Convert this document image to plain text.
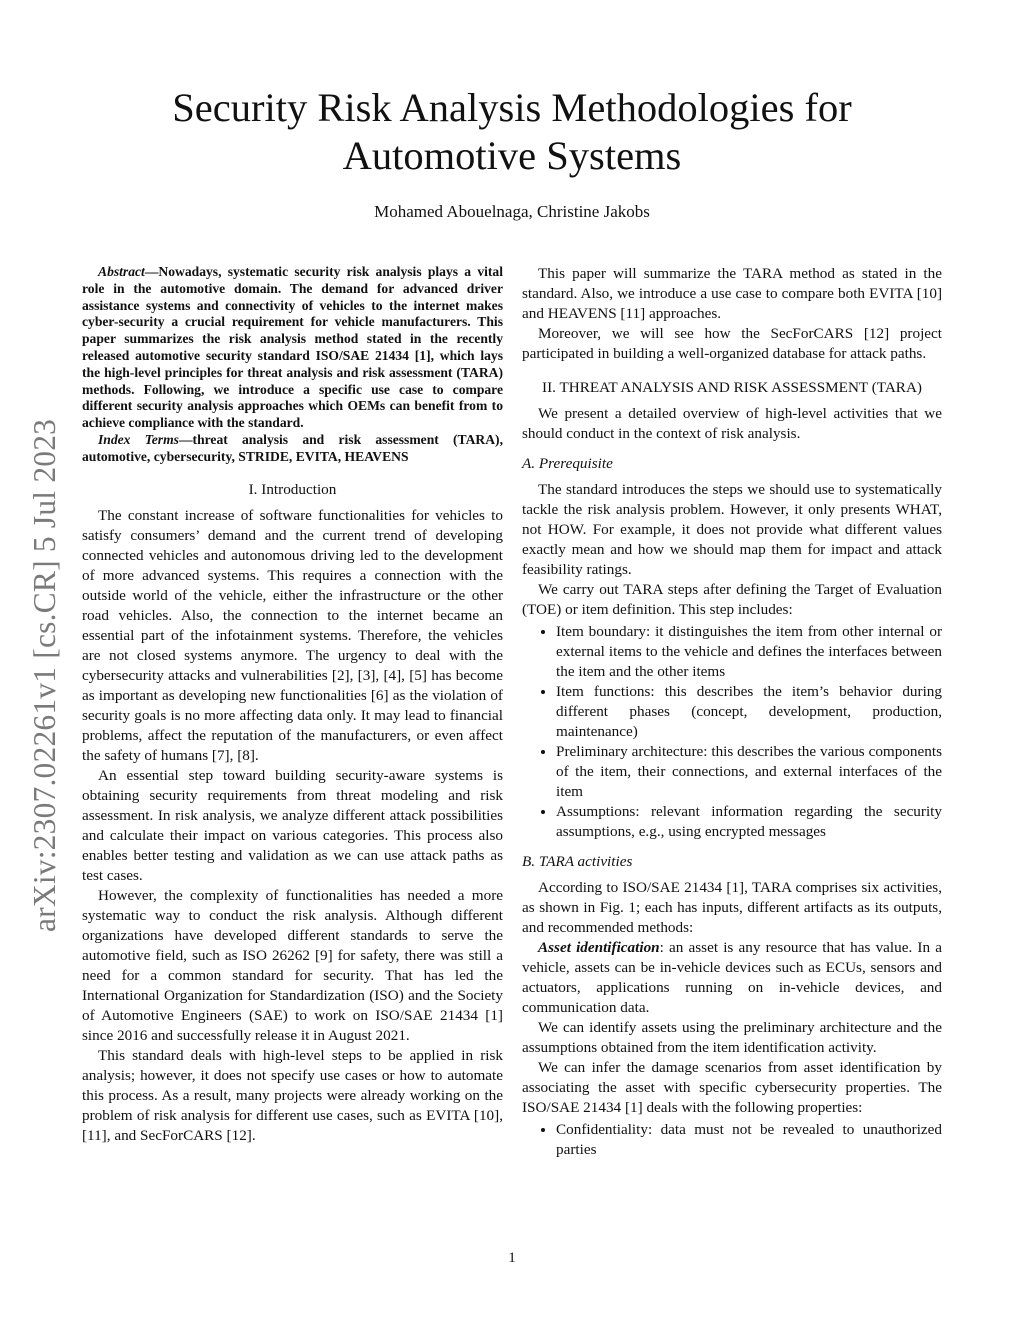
arXiv:2307.02261v1 [cs.CR] 5 Jul 2023
Security Risk Analysis Methodologies for Automotive Systems
Mohamed Abouelnaga, Christine Jakobs

Abstract—Nowadays, systematic security risk analysis plays a vital role in the automotive domain. The demand for advanced driver assistance systems and connectivity of vehicles to the internet makes cyber-security a crucial requirement for vehicle manufacturers. This paper summarizes the risk analysis method stated in the recently released automotive security standard ISO/SAE 21434 [1], which lays the high-level principles for threat analysis and risk assessment (TARA) methods. Following, we introduce a specific use case to compare different security analysis approaches which OEMs can benefit from to achieve compliance with the standard.

Index Terms—threat analysis and risk assessment (TARA), automotive, cybersecurity, STRIDE, EVITA, HEAVENS

I. Introduction

The constant increase of software functionalities for vehicles to satisfy consumers’ demand and the current trend of developing connected vehicles and autonomous driving led to the development of more advanced systems. This requires a connection with the outside world of the vehicle, either the infrastructure or the other road vehicles. Also, the connection to the internet became an essential part of the infotainment systems. Therefore, the vehicles are not closed systems anymore. The urgency to deal with the cybersecurity attacks and vulnerabilities [2], [3], [4], [5] has become as important as developing new functionalities [6] as the violation of security goals is no more affecting data only. It may lead to financial problems, affect the reputation of the manufacturers, or even affect the safety of humans [7], [8].

An essential step toward building security-aware systems is obtaining security requirements from threat modeling and risk assessment. In risk analysis, we analyze different attack possibilities and calculate their impact on various categories. This process also enables better testing and validation as we can use attack paths as test cases.

However, the complexity of functionalities has needed a more systematic way to conduct the risk analysis. Although different organizations have developed different standards to serve the automotive field, such as ISO 26262 [9] for safety, there was still a need for a common standard for security. That has led the International Organization for Standardization (ISO) and the Society of Automotive Engineers (SAE) to work on ISO/SAE 21434 [1] since 2016 and successfully release it in August 2021.

This standard deals with high-level steps to be applied in risk analysis; however, it does not specify use cases or how to automate this process. As a result, many projects were already working on the problem of risk analysis for different use cases, such as EVITA [10], [11], and SecForCARS [12].

This paper will summarize the TARA method as stated in the standard. Also, we introduce a use case to compare both EVITA [10] and HEAVENS [11] approaches.

Moreover, we will see how the SecForCARS [12] project participated in building a well-organized database for attack paths.

II. THREAT ANALYSIS AND RISK ASSESSMENT (TARA)

We present a detailed overview of high-level activities that we should conduct in the context of risk analysis.

A. Prerequisite

The standard introduces the steps we should use to systematically tackle the risk analysis problem. However, it only presents WHAT, not HOW. For example, it does not provide what different values exactly mean and how we should map them for impact and attack feasibility ratings.

We carry out TARA steps after defining the Target of Evaluation (TOE) or item definition. This step includes:

• Item boundary: it distinguishes the item from other internal or external items to the vehicle and defines the interfaces between the item and the other items
• Item functions: this describes the item’s behavior during different phases (concept, development, production, maintenance)
• Preliminary architecture: this describes the various components of the item, their connections, and external interfaces of the item
• Assumptions: relevant information regarding the security assumptions, e.g., using encrypted messages
B. TARA activities

According to ISO/SAE 21434 [1], TARA comprises six activities, as shown in Fig. 1; each has inputs, different artifacts as its outputs, and recommended methods:

Asset identification: an asset is any resource that has value. In a vehicle, assets can be in-vehicle devices such as ECUs, sensors and actuators, applications running on in-vehicle devices, and communication data.

We can identify assets using the preliminary architecture and the assumptions obtained from the item identification activity.

We can infer the damage scenarios from asset identification by associating the asset with specific cybersecurity properties. The ISO/SAE 21434 [1] deals with the following properties:

• Confidentiality: data must not be revealed to unauthorized parties
1
